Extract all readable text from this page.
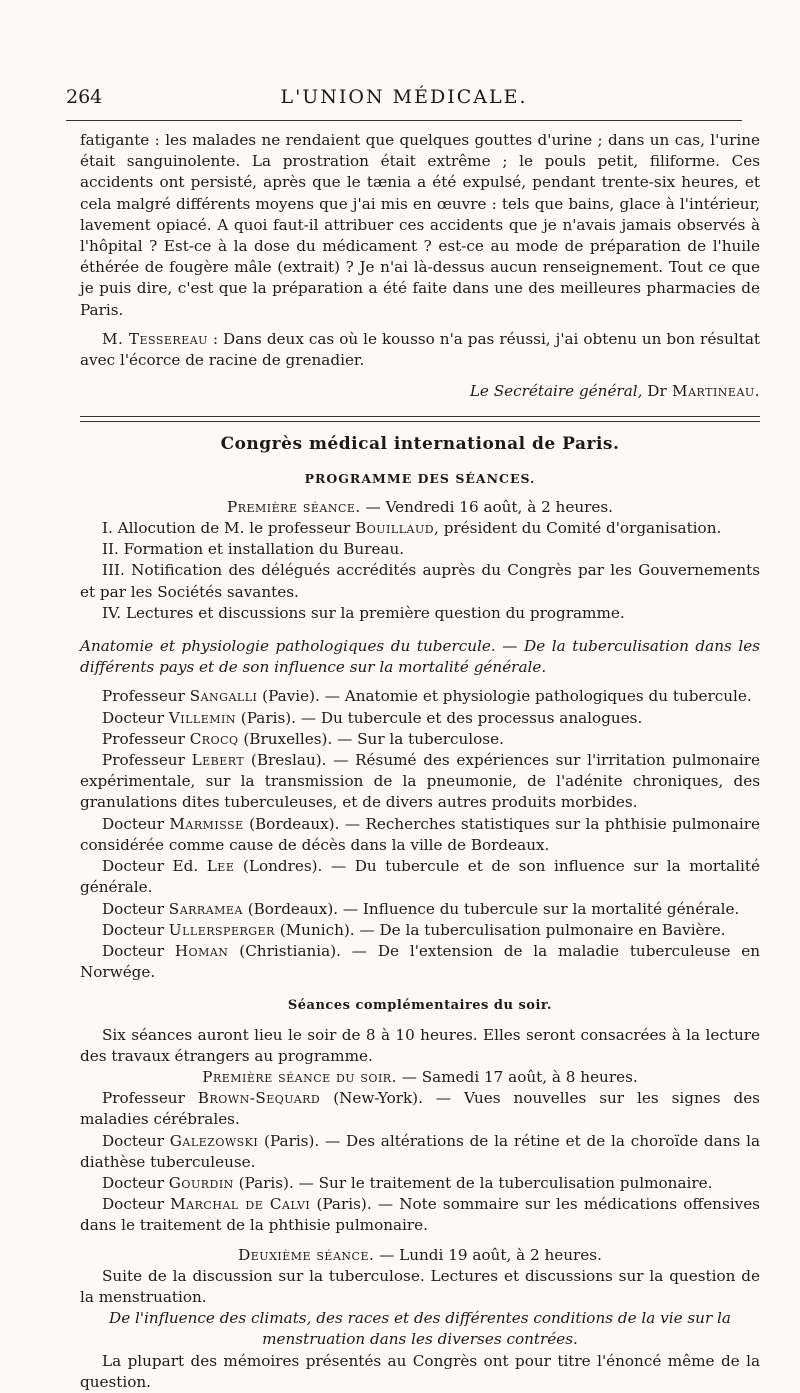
264	L'UNION MÉDICALE.

fatigante : les malades ne rendaient que quelques gouttes d'urine ; dans un cas, l'urine était sanguinolente. La prostration était extrême ; le pouls petit, filiforme. Ces accidents ont persisté, après que le tænia a été expulsé, pendant trente-six heures, et cela malgré différents moyens que j'ai mis en œuvre : tels que bains, glace à l'intérieur, lavement opiacé. A quoi faut-il attribuer ces accidents que je n'avais jamais observés à l'hôpital ? Est-ce à la dose du médicament ? est-ce au mode de préparation de l'huile éthérée de fougère mâle (extrait) ? Je n'ai là-dessus aucun renseignement. Tout ce que je puis dire, c'est que la préparation a été faite dans une des meilleures pharmacies de Paris.

M. Tessereau : Dans deux cas où le kousso n'a pas réussi, j'ai obtenu un bon résultat avec l'écorce de racine de grenadier.

Le Secrétaire général, Dr Martineau.

Congrès médical international de Paris.

PROGRAMME DES SÉANCES.

Première séance. — Vendredi 16 août, à 2 heures.

I. Allocution de M. le professeur Bouillaud, président du Comité d'organisation.
II. Formation et installation du Bureau.
III. Notification des délégués accrédités auprès du Congrès par les Gouvernements et par les Sociétés savantes.
IV. Lectures et discussions sur la première question du programme.

Anatomie et physiologie pathologiques du tubercule. — De la tuberculisation dans les différents pays et de son influence sur la mortalité générale.

Professeur Sangalli (Pavie). — Anatomie et physiologie pathologiques du tubercule.

Docteur Villemin (Paris). — Du tubercule et des processus analogues.

Professeur Crocq (Bruxelles). — Sur la tuberculose.

Professeur Lebert (Breslau). — Résumé des expériences sur l'irritation pulmonaire expérimentale, sur la transmission de la pneumonie, de l'adénite chroniques, des granulations dites tuberculeuses, et de divers autres produits morbides.

Docteur Marmisse (Bordeaux). — Recherches statistiques sur la phthisie pulmonaire considérée comme cause de décès dans la ville de Bordeaux.

Docteur Ed. Lee (Londres). — Du tubercule et de son influence sur la mortalité générale.

Docteur Sarramea (Bordeaux). — Influence du tubercule sur la mortalité générale.

Docteur Ullersperger (Munich). — De la tuberculisation pulmonaire en Bavière.

Docteur Homan (Christiania). — De l'extension de la maladie tuberculeuse en Norwége.

Séances complémentaires du soir.

Six séances auront lieu le soir de 8 à 10 heures. Elles seront consacrées à la lecture des travaux étrangers au programme.

Première séance du soir. — Samedi 17 août, à 8 heures.

Professeur Brown-Sequard (New-York). — Vues nouvelles sur les signes des maladies cérébrales.

Docteur Galezowski (Paris). — Des altérations de la rétine et de la choroïde dans la diathèse tuberculeuse.

Docteur Gourdin (Paris). — Sur le traitement de la tuberculisation pulmonaire.

Docteur Marchal de Calvi (Paris). — Note sommaire sur les médications offensives dans le traitement de la phthisie pulmonaire.

Deuxième séance. — Lundi 19 août, à 2 heures.

Suite de la discussion sur la tuberculose. Lectures et discussions sur la question de la menstruation.

De l'influence des climats, des races et des différentes conditions de la vie sur la menstruation dans les diverses contrées.

La plupart des mémoires présentés au Congrès ont pour titre l'énoncé même de la question.
